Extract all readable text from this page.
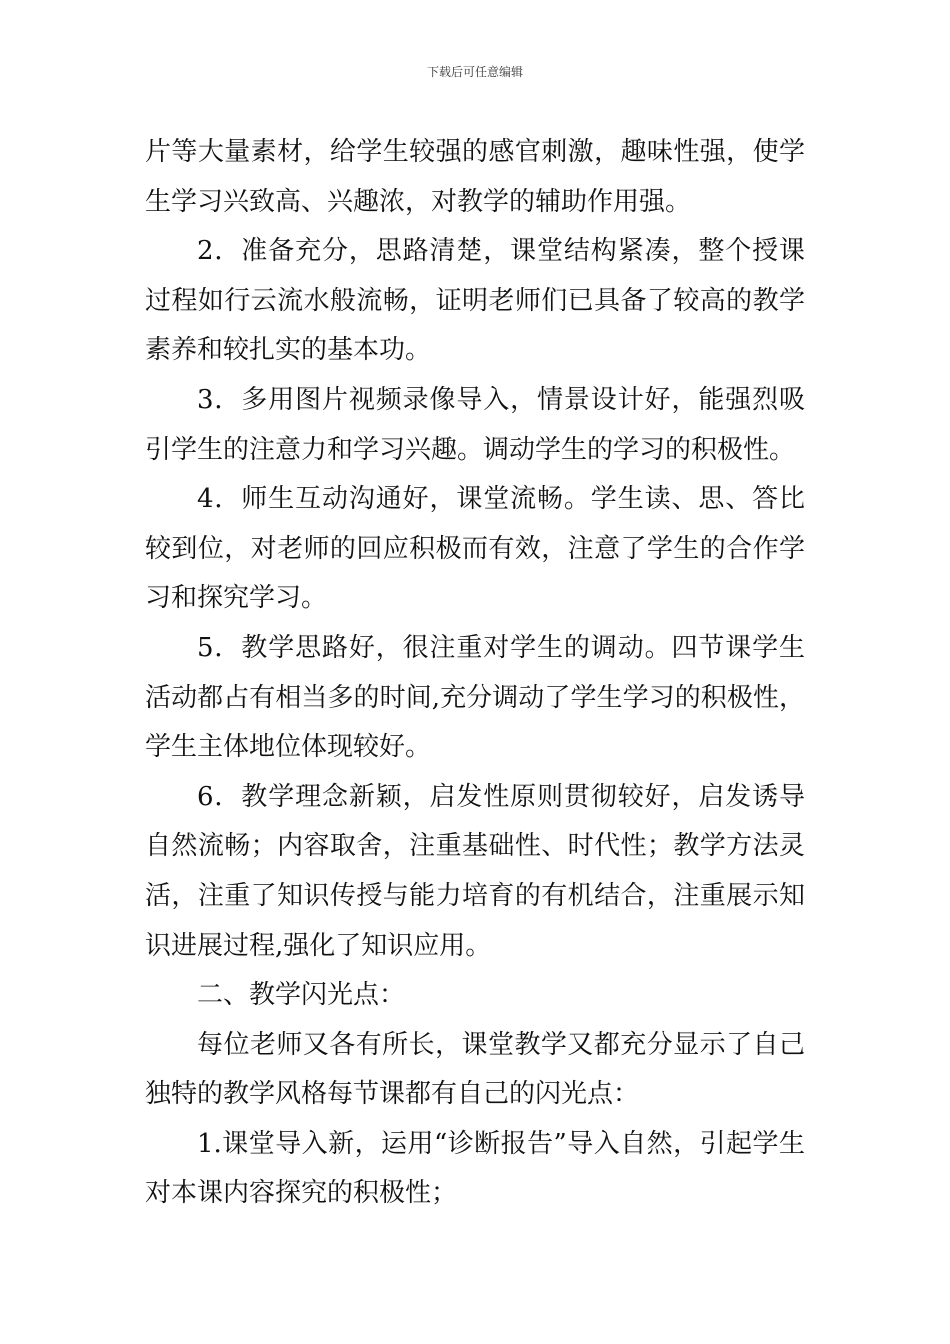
下载后可任意编辑

片等大量素材，给学生较强的感官刺激，趣味性强，使学生学习兴致高、兴趣浓，对教学的辅助作用强。

2．准备充分，思路清楚，课堂结构紧凑，整个授课过程如行云流水般流畅，证明老师们已具备了较高的教学素养和较扎实的基本功。

3．多用图片视频录像导入，情景设计好，能强烈吸引学生的注意力和学习兴趣。调动学生的学习的积极性。

4．师生互动沟通好，课堂流畅。学生读、思、答比较到位，对老师的回应积极而有效，注意了学生的合作学习和探究学习。

5．教学思路好，很注重对学生的调动。四节课学生活动都占有相当多的时间,充分调动了学生学习的积极性，学生主体地位体现较好。

6．教学理念新颖，启发性原则贯彻较好，启发诱导自然流畅；内容取舍，注重基础性、时代性；教学方法灵活，注重了知识传授与能力培育的有机结合，注重展示知识进展过程,强化了知识应用。

二、教学闪光点：

每位老师又各有所长，课堂教学又都充分显示了自己独特的教学风格每节课都有自己的闪光点：

1.课堂导入新，运用“诊断报告”导入自然，引起学生对本课内容探究的积极性；
